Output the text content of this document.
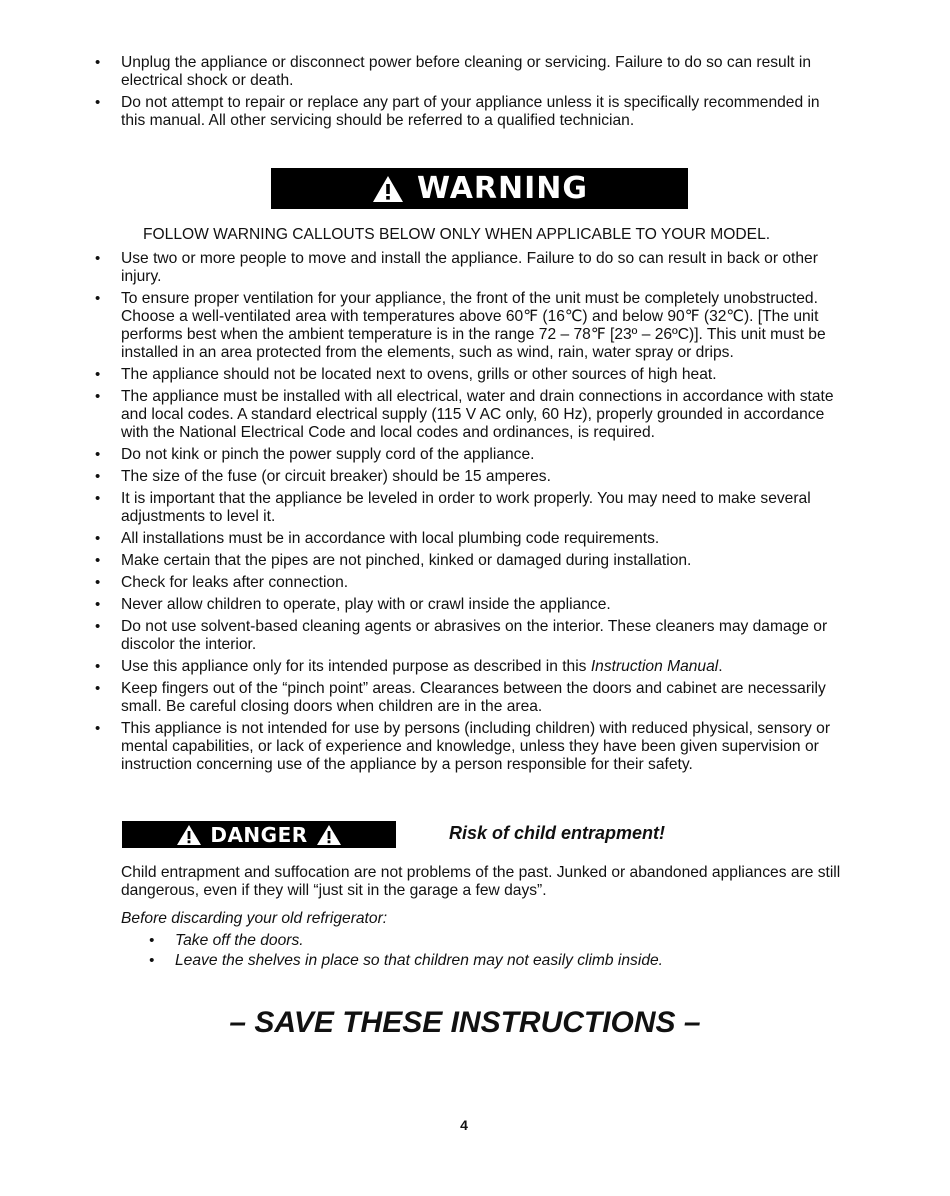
• Unplug the appliance or disconnect power before cleaning or servicing. Failure to do so can result in electrical shock or death.
• Do not attempt to repair or replace any part of your appliance unless it is specifically recommended in this manual. All other servicing should be referred to a qualified technician.
WARNING
FOLLOW WARNING CALLOUTS BELOW ONLY WHEN APPLICABLE TO YOUR MODEL.
• Use two or more people to move and install the appliance. Failure to do so can result in back or other injury.
• To ensure proper ventilation for your appliance, the front of the unit must be completely unobstructed. Choose a well-ventilated area with temperatures above 60℉ (16℃) and below 90℉ (32℃). [The unit performs best when the ambient temperature is in the range 72 – 78℉ [23º – 26ºC)]. This unit must be installed in an area protected from the elements, such as wind, rain, water spray or drips.
• The appliance should not be located next to ovens, grills or other sources of high heat.
• The appliance must be installed with all electrical, water and drain connections in accordance with state and local codes. A standard electrical supply (115 V AC only, 60 Hz), properly grounded in accordance with the National Electrical Code and local codes and ordinances, is required.
• Do not kink or pinch the power supply cord of the appliance.
• The size of the fuse (or circuit breaker) should be 15 amperes.
• It is important that the appliance be leveled in order to work properly. You may need to make several adjustments to level it.
• All installations must be in accordance with local plumbing code requirements.
• Make certain that the pipes are not pinched, kinked or damaged during installation.
• Check for leaks after connection.
• Never allow children to operate, play with or crawl inside the appliance.
• Do not use solvent-based cleaning agents or abrasives on the interior. These cleaners may damage or discolor the interior.
• Use this appliance only for its intended purpose as described in this Instruction Manual.
• Keep fingers out of the “pinch point” areas. Clearances between the doors and cabinet are necessarily small. Be careful closing doors when children are in the area.
• This appliance is not intended for use by persons (including children) with reduced physical, sensory or mental capabilities, or lack of experience and knowledge, unless they have been given supervision or instruction concerning use of the appliance by a person responsible for their safety.
DANGER	Risk of child entrapment!
Child entrapment and suffocation are not problems of the past. Junked or abandoned appliances are still dangerous, even if they will “just sit in the garage a few days”.
Before discarding your old refrigerator:
• Take off the doors.
• Leave the shelves in place so that children may not easily climb inside.
– SAVE THESE INSTRUCTIONS –
4
